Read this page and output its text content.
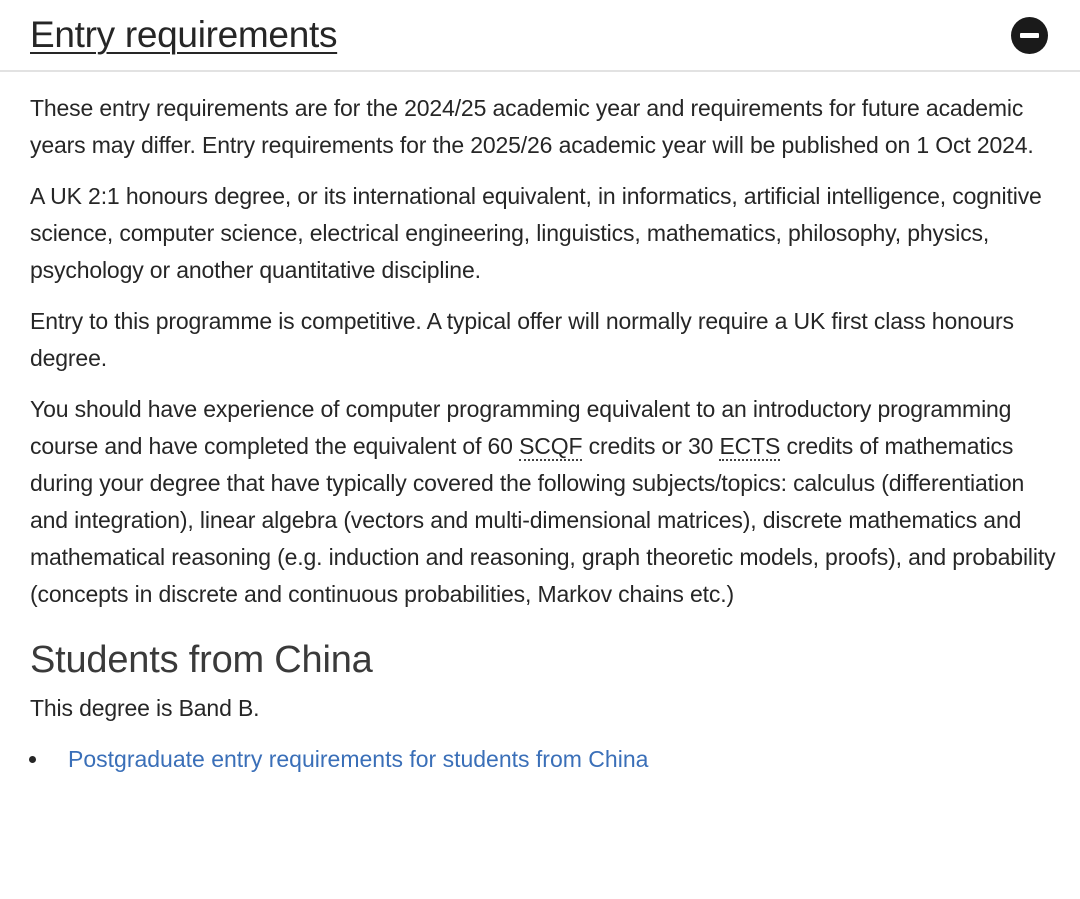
Entry requirements

These entry requirements are for the 2024/25 academic year and requirements for future academic years may differ. Entry requirements for the 2025/26 academic year will be published on 1 Oct 2024.

A UK 2:1 honours degree, or its international equivalent, in informatics, artificial intelligence, cognitive science, computer science, electrical engineering, linguistics, mathematics, philosophy, physics, psychology or another quantitative discipline.

Entry to this programme is competitive. A typical offer will normally require a UK first class honours degree.

You should have experience of computer programming equivalent to an introductory programming course and have completed the equivalent of 60 SCQF credits or 30 ECTS credits of mathematics during your degree that have typically covered the following subjects/topics: calculus (differentiation and integration), linear algebra (vectors and multi-dimensional matrices), discrete mathematics and mathematical reasoning (e.g. induction and reasoning, graph theoretic models, proofs), and probability (concepts in discrete and continuous probabilities, Markov chains etc.)

Students from China

This degree is Band B.

• Postgraduate entry requirements for students from China
